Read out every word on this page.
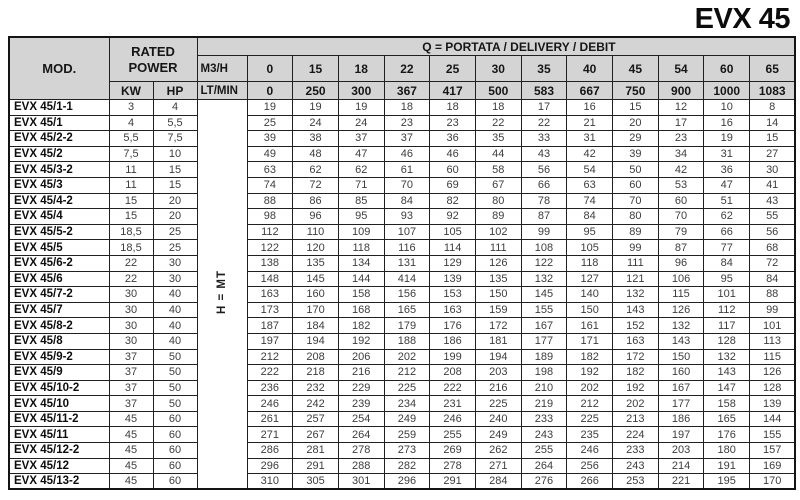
EVX 45
MOD.	RATED POWER		Q = PORTATA / DELIVERY / DEBIT												
			M3/H	0	15	18	22	25	30	35	40	45	54	60	65
	KW	HP	LT/MIN	0	250	300	367	417	500	583	667	750	900	1000	1083
EVX 45/1-1	3	4	H = MT	19	19	19	18	18	18	17	16	15	12	10	8
EVX 45/1	4	5,5		25	24	24	23	23	22	22	21	20	17	16	14
EVX 45/2-2	5,5	7,5		39	38	37	37	36	35	33	31	29	23	19	15
EVX 45/2	7,5	10		49	48	47	46	46	44	43	42	39	34	31	27
EVX 45/3-2	11	15		63	62	62	61	60	58	56	54	50	42	36	30
EVX 45/3	11	15		74	72	71	70	69	67	66	63	60	53	47	41
EVX 45/4-2	15	20		88	86	85	84	82	80	78	74	70	60	51	43
EVX 45/4	15	20		98	96	95	93	92	89	87	84	80	70	62	55
EVX 45/5-2	18,5	25		112	110	109	107	105	102	99	95	89	79	66	56
EVX 45/5	18,5	25		122	120	118	116	114	111	108	105	99	87	77	68
EVX 45/6-2	22	30		138	135	134	131	129	126	122	118	111	96	84	72
EVX 45/6	22	30		148	145	144	414	139	135	132	127	121	106	95	84
EVX 45/7-2	30	40		163	160	158	156	153	150	145	140	132	115	101	88
EVX 45/7	30	40		173	170	168	165	163	159	155	150	143	126	112	99
EVX 45/8-2	30	40		187	184	182	179	176	172	167	161	152	132	117	101
EVX 45/8	30	40		197	194	192	188	186	181	177	171	163	143	128	113
EVX 45/9-2	37	50		212	208	206	202	199	194	189	182	172	150	132	115
EVX 45/9	37	50		222	218	216	212	208	203	198	192	182	160	143	126
EVX 45/10-2	37	50		236	232	229	225	222	216	210	202	192	167	147	128
EVX 45/10	37	50		246	242	239	234	231	225	219	212	202	177	158	139
EVX 45/11-2	45	60		261	257	254	249	246	240	233	225	213	186	165	144
EVX 45/11	45	60		271	267	264	259	255	249	243	235	224	197	176	155
EVX 45/12-2	45	60		286	281	278	273	269	262	255	246	233	203	180	157
EVX 45/12	45	60		296	291	288	282	278	271	264	256	243	214	191	169
EVX 45/13-2	45	60		310	305	301	296	291	284	276	266	253	221	195	170
